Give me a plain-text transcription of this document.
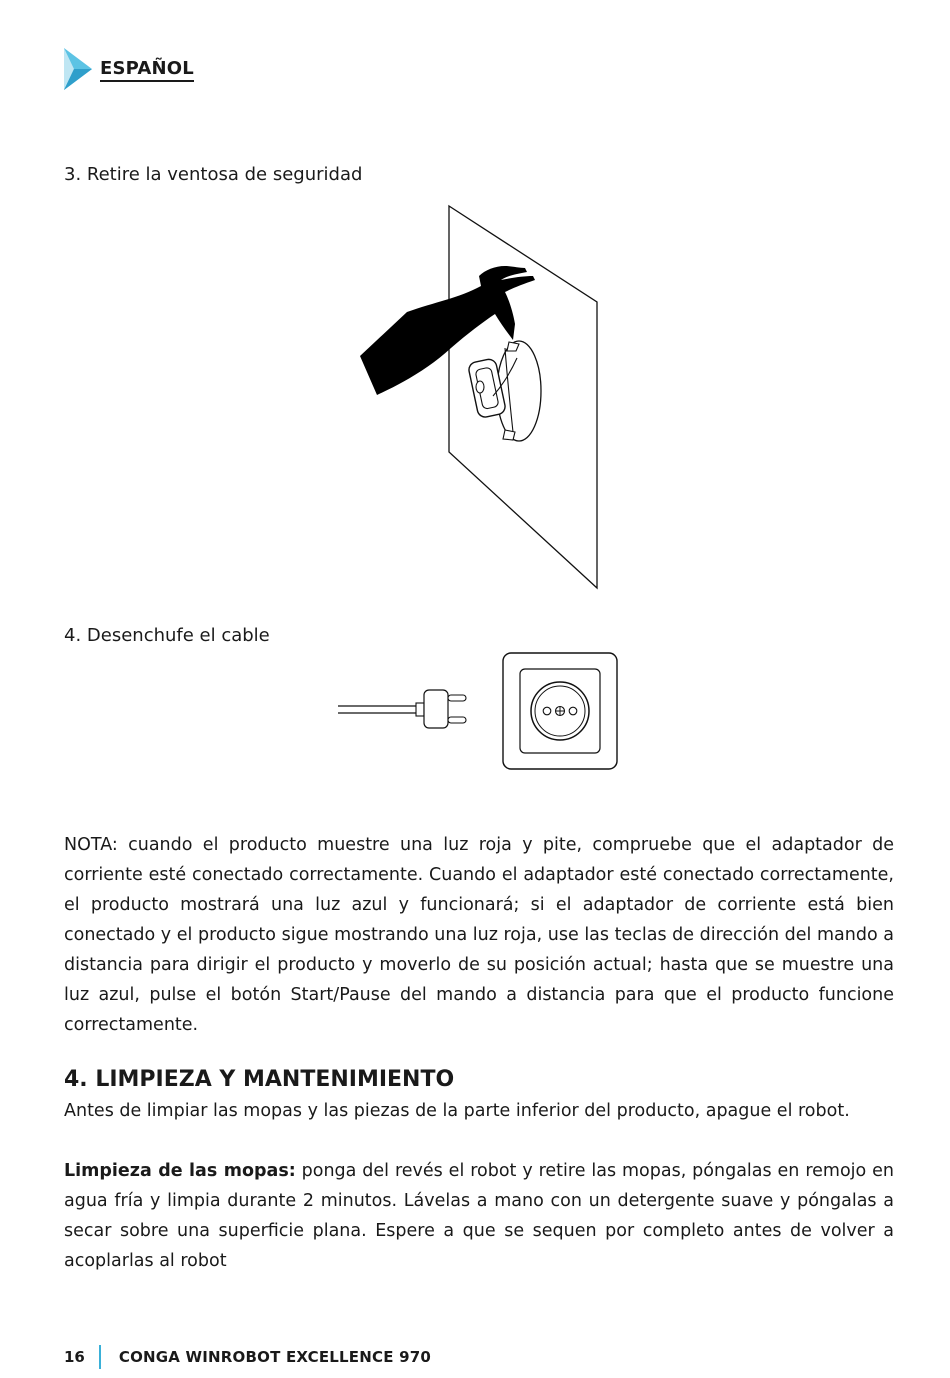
ESPAÑOL
3. Retire la ventosa de seguridad
4. Desenchufe el cable

NOTA: cuando el producto muestre una luz roja y pite, compruebe que el adaptador de corriente esté conectado correctamente. Cuando el adaptador esté conectado correctamente, el producto mostrará una luz azul y funcionará; si el adaptador de corriente está bien conectado y el producto sigue mostrando una luz roja, use las teclas de dirección del mando a distancia para dirigir el producto y moverlo de su posición actual; hasta que se muestre una luz azul, pulse el botón Start/Pause del mando a distancia para que el producto funcione correctamente.

4. LIMPIEZA Y MANTENIMIENTO

Antes de limpiar las mopas y las piezas de la parte inferior del producto, apague el robot.

Limpieza de las mopas: ponga del revés el robot y retire las mopas, póngalas en remojo en agua fría y limpia durante 2 minutos. Lávelas a mano con un detergente suave y póngalas a secar sobre una superficie plana. Espere a que se sequen por completo antes de volver a acoplarlas al robot

16 CONGA WINROBOT EXCELLENCE 970
